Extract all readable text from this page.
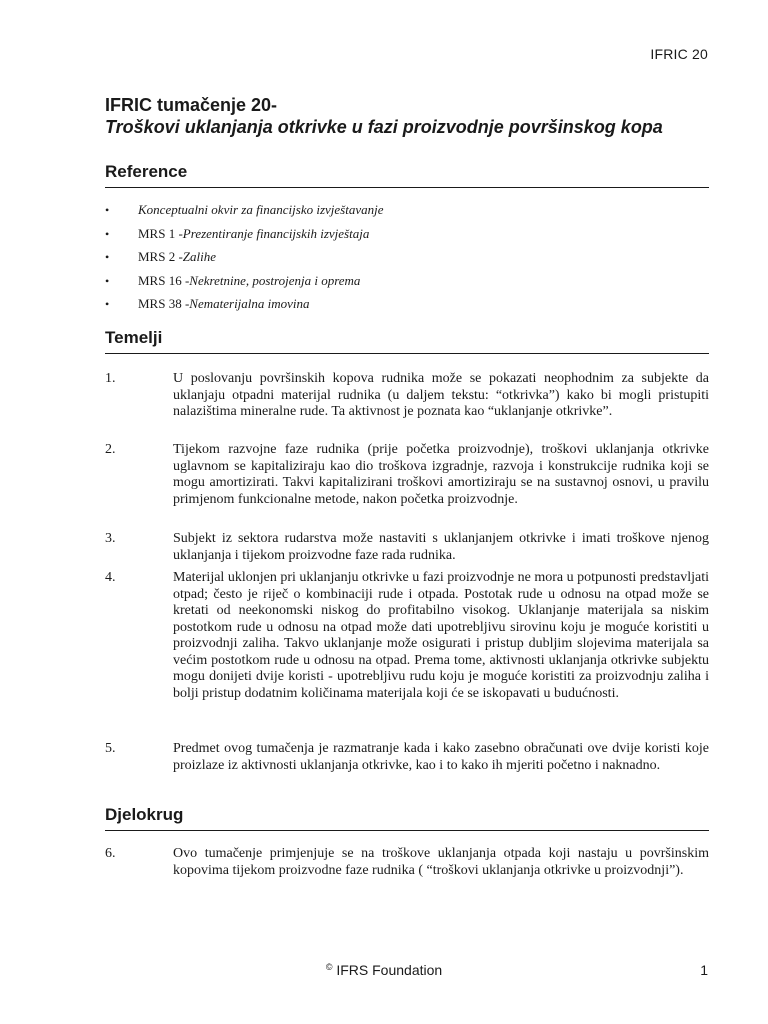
IFRIC 20
IFRIC tumačenje 20-
Troškovi uklanjanja otkrivke u fazi proizvodnje površinskog kopa
Reference
• Konceptualni okvir za financijsko izvještavanje
• MRS 1 -Prezentiranje financijskih izvještaja
• MRS 2 -Zalihe
• MRS 16 -Nekretnine, postrojenja i oprema
• MRS 38 -Nematerijalna imovina
Temelji
1.	U poslovanju površinskih kopova rudnika može se pokazati neophodnim za subjekte da uklanjaju otpadni materijal rudnika (u daljem tekstu: “otkrivka”) kako bi mogli pristupiti nalazištima mineralne rude. Ta aktivnost je poznata kao “uklanjanje otkrivke”.
2.	Tijekom razvojne faze rudnika (prije početka proizvodnje), troškovi uklanjanja otkrivke uglavnom se kapitaliziraju kao dio troškova izgradnje, razvoja i konstrukcije rudnika koji se mogu amortizirati. Takvi kapitalizirani troškovi amortiziraju se na sustavnoj osnovi, u pravilu primjenom funkcionalne metode, nakon početka proizvodnje.
3.	Subjekt iz sektora rudarstva može nastaviti s uklanjanjem otkrivke i imati troškove njenog uklanjanja i tijekom proizvodne faze rada rudnika.
4.	Materijal uklonjen pri uklanjanju otkrivke u fazi proizvodnje ne mora u potpunosti predstavljati otpad; često je riječ o kombinaciji rude i otpada. Postotak rude u odnosu na otpad može se kretati od neekonomski niskog do profitabilno visokog. Uklanjanje materijala sa niskim postotkom rude u odnosu na otpad može dati upotrebljivu sirovinu koju je moguće koristiti u proizvodnji zaliha. Takvo uklanjanje može osigurati i pristup dubljim slojevima materijala sa većim postotkom rude u odnosu na otpad. Prema tome, aktivnosti uklanjanja otkrivke subjektu mogu donijeti dvije koristi - upotrebljivu rudu koju je moguće koristiti za proizvodnju zaliha i bolji pristup dodatnim količinama materijala koji će se iskopavati u budućnosti.
5.	Predmet ovog tumačenja je razmatranje kada i kako zasebno obračunati ove dvije koristi koje proizlaze iz aktivnosti uklanjanja otkrivke, kao i to kako ih mjeriti početno i naknadno.
Djelokrug
6.	Ovo tumačenje primjenjuje se na troškove uklanjanja otpada koji nastaju u površinskim kopovima tijekom proizvodne faze rudnika ( “troškovi uklanjanja otkrivke u proizvodnji”).
© IFRS Foundation	1
